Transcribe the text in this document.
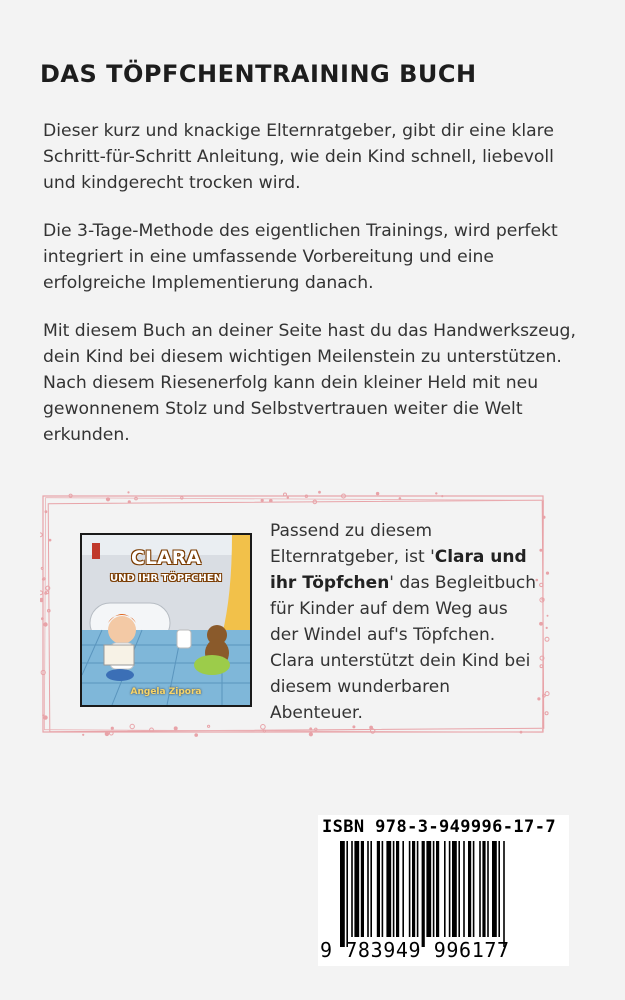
DAS TÖPFCHENTRAINING BUCH
Dieser kurz und knackige Elternratgeber, gibt dir eine klare Schritt-für-Schritt Anleitung, wie dein Kind schnell, liebevoll und kindgerecht trocken wird.
Die 3-Tage-Methode des eigentlichen Trainings, wird perfekt integriert in eine umfassende Vorbereitung und eine erfolgreiche Implementierung danach.
Mit diesem Buch an deiner Seite hast du das Handwerkszeug, dein Kind bei diesem wichtigen Meilenstein zu unterstützen. Nach diesem Riesenerfolg kann dein kleiner Held mit neu gewonnenem Stolz und Selbstvertrauen weiter die Welt erkunden.
CLARA
UND IHR TÖPFCHEN
Angela Zipora
Passend zu diesem Elternratgeber, ist 'Clara und ihr Töpfchen' das Begleitbuch für Kinder auf dem Weg aus der Windel auf's Töpfchen. Clara unterstützt dein Kind bei diesem wunderbaren Abenteuer.
ISBN 978-3-949996-17-7
9 783949 996177
